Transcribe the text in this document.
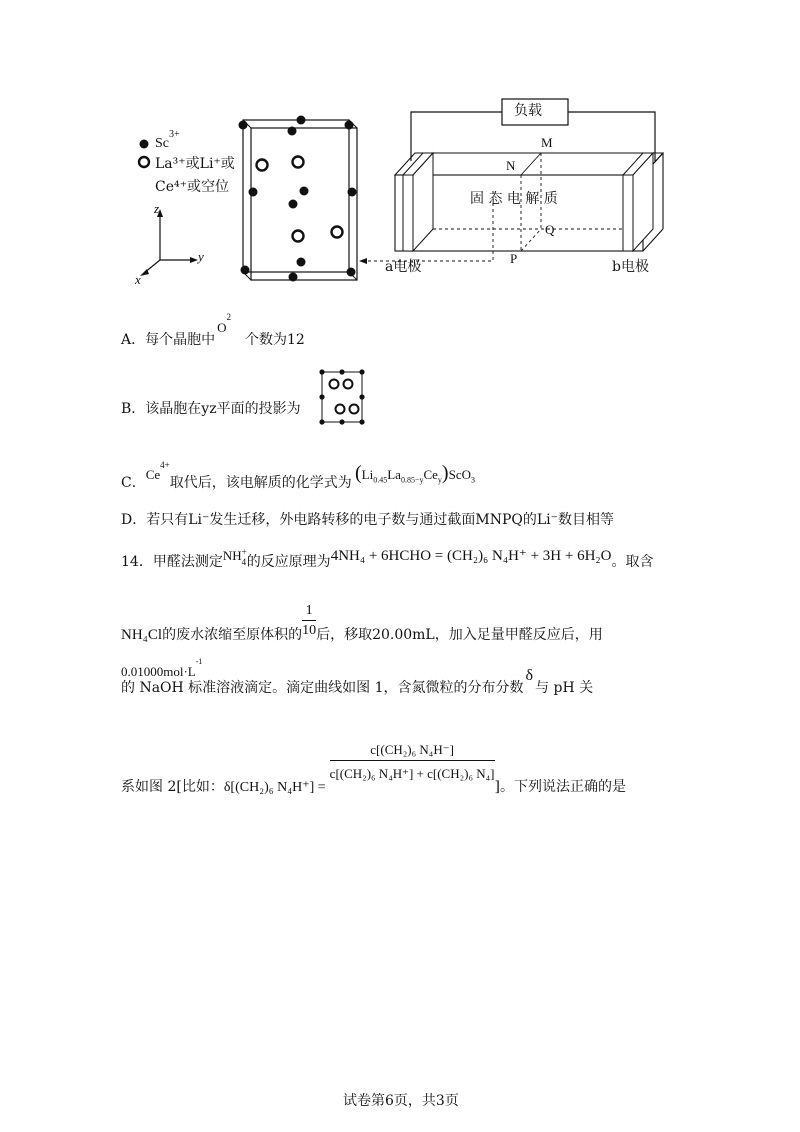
$Sc^{3+}$
La³⁺或Li⁺或
Ce⁴⁺或空位
z
y
x
负载
M
N
固 态 电 解 质
Q
P
a电极	b电极
A．每个晶胞中$O^2$个数为12
B．该晶胞在yz平面的投影为
C．$Ce^{4+}$取代后，该电解质的化学式为 $(Li_{0.45}La_{0.85-y}Ce_y)ScO_3$
D．若只有Li⁻发生迁移，外电路转移的电子数与通过截面MNPQ的Li⁻数目相等
14．甲醛法测定NH +
4 的反应原理为4NH₄ + 6HCHO = (CH₂)₆ N₄H⁺ + 3H + 6H₂O。取含
NH₄Cl的废水浓缩至原体积的 $\frac{1}{10}$ 后，移取20.00mL，加入足量甲醛反应后，用
$0.01000mol\cdot L^{-1}$
的 NaOH 标准溶液滴定。滴定曲线如图 1，含氮微粒的分布分数δ与 pH 关
系如图 2[比如：δ[(CH₂)₆ N₄H⁺] =
$\frac{\text{c[(CH₂)₆ N₄H⁻]}}{\text{c[(CH₂)₆ N₄H⁺] + c[(CH₂)₆ N₄]}}$
]。下列说法正确的是
试卷第6页，共3页
